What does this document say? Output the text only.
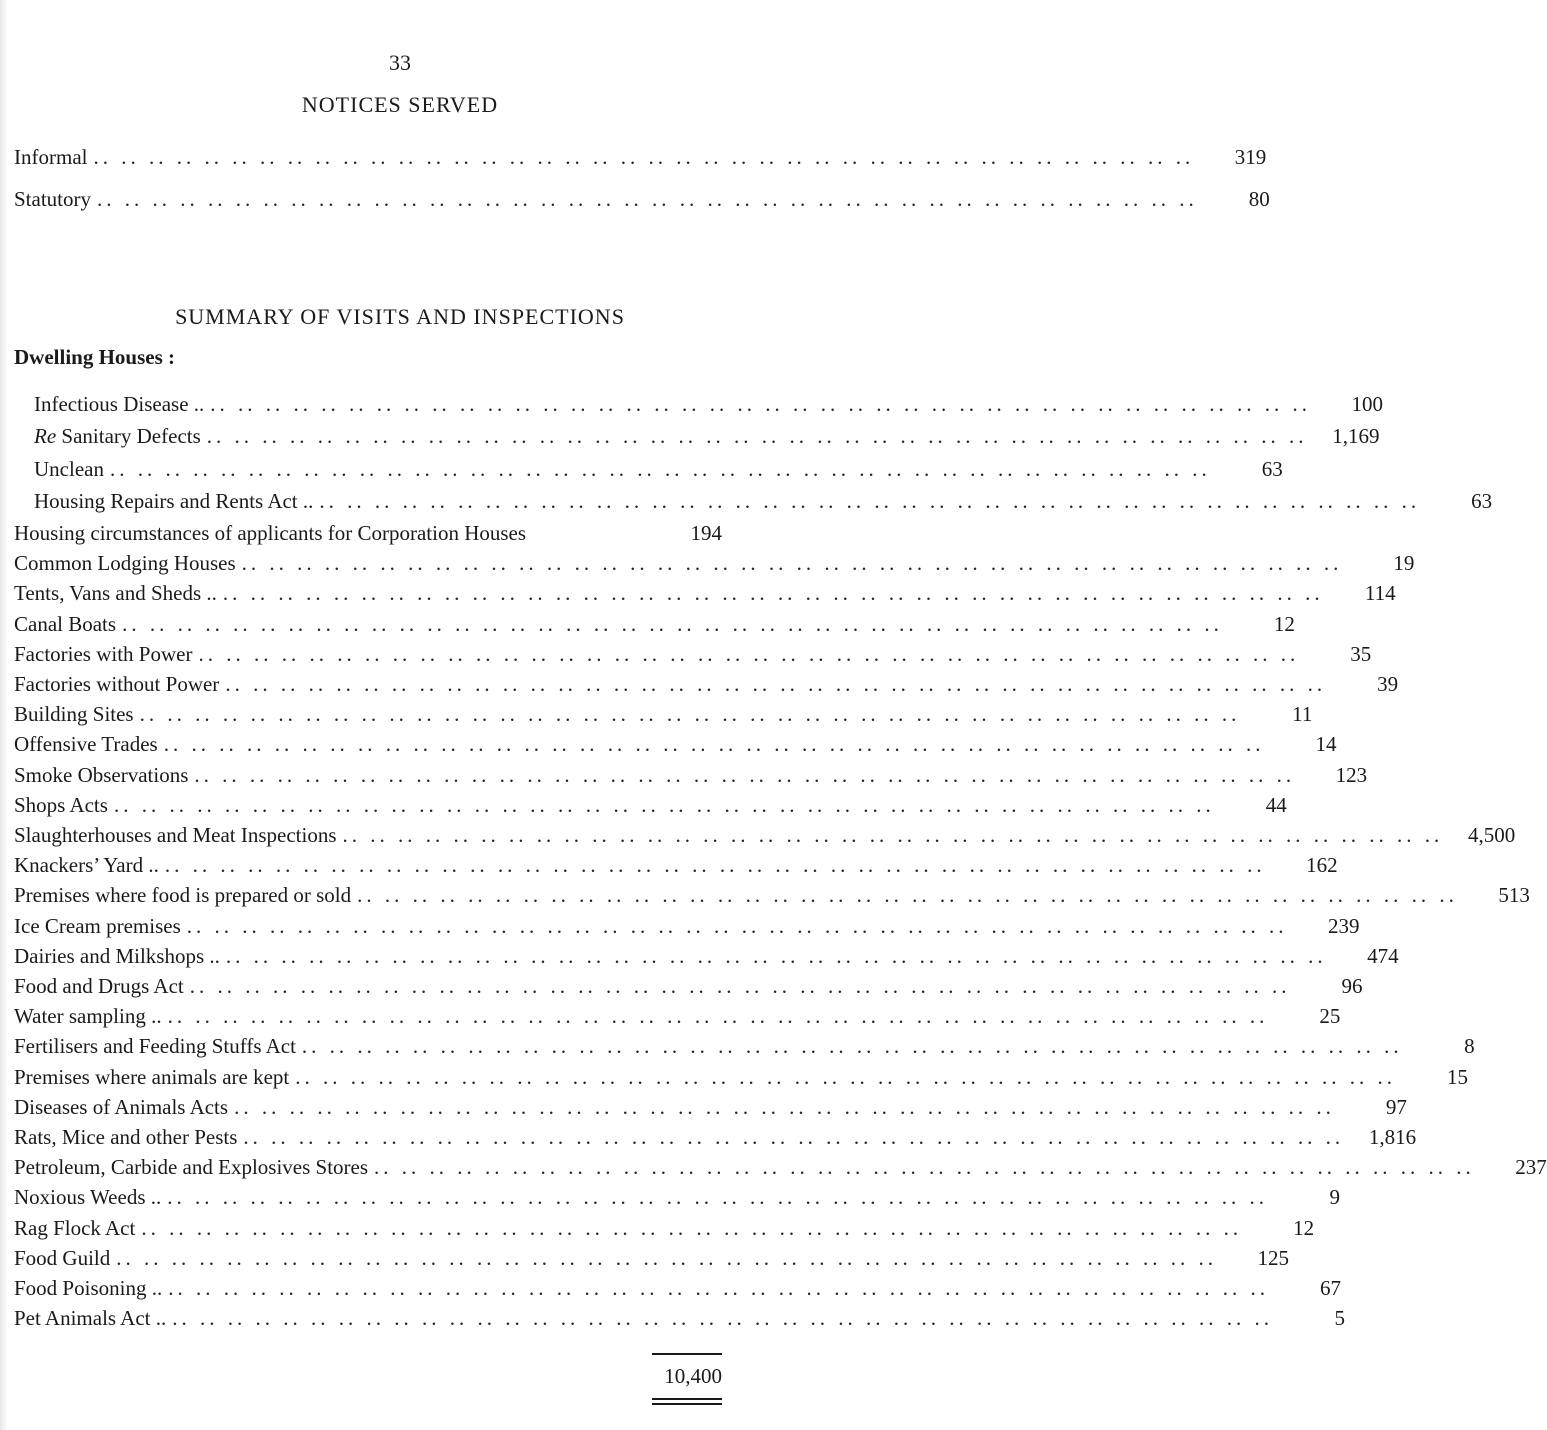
33
NOTICES SERVED
Informal .. .. .. .. .. .. .. .. .. .. .. .. .. .. .. .. .. .. .. .. .. .. .. .. .. .. .. .. .. .. .. .. .. .. .. .. .. .. .. ..	319
Statutory .. .. .. .. .. .. .. .. .. .. .. .. .. .. .. .. .. .. .. .. .. .. .. .. .. .. .. .. .. .. .. .. .. .. .. .. .. .. .. ..	80
SUMMARY OF VISITS AND INSPECTIONS
Dwelling Houses :
Infectious Disease .. .. .. .. .. .. .. .. .. .. .. .. .. .. .. .. .. .. .. .. .. .. .. .. .. .. .. .. .. .. .. .. .. .. .. .. .. .. .. .. ..	100
Re Sanitary Defects .. .. .. .. .. .. .. .. .. .. .. .. .. .. .. .. .. .. .. .. .. .. .. .. .. .. .. .. .. .. .. .. .. .. .. .. .. .. .. ..	1,169
Unclean .. .. .. .. .. .. .. .. .. .. .. .. .. .. .. .. .. .. .. .. .. .. .. .. .. .. .. .. .. .. .. .. .. .. .. .. .. .. .. ..	63
Housing Repairs and Rents Act .. .. .. .. .. .. .. .. .. .. .. .. .. .. .. .. .. .. .. .. .. .. .. .. .. .. .. .. .. .. .. .. .. .. .. .. .. .. .. .. ..	63
Housing circumstances of applicants for Corporation Houses	194
Common Lodging Houses .. .. .. .. .. .. .. .. .. .. .. .. .. .. .. .. .. .. .. .. .. .. .. .. .. .. .. .. .. .. .. .. .. .. .. .. .. .. .. ..	19
Tents, Vans and Sheds .. .. .. .. .. .. .. .. .. .. .. .. .. .. .. .. .. .. .. .. .. .. .. .. .. .. .. .. .. .. .. .. .. .. .. .. .. .. .. .. ..	114
Canal Boats .. .. .. .. .. .. .. .. .. .. .. .. .. .. .. .. .. .. .. .. .. .. .. .. .. .. .. .. .. .. .. .. .. .. .. .. .. .. .. ..	12
Factories with Power .. .. .. .. .. .. .. .. .. .. .. .. .. .. .. .. .. .. .. .. .. .. .. .. .. .. .. .. .. .. .. .. .. .. .. .. .. .. .. ..	35
Factories without Power .. .. .. .. .. .. .. .. .. .. .. .. .. .. .. .. .. .. .. .. .. .. .. .. .. .. .. .. .. .. .. .. .. .. .. .. .. .. .. ..	39
Building Sites .. .. .. .. .. .. .. .. .. .. .. .. .. .. .. .. .. .. .. .. .. .. .. .. .. .. .. .. .. .. .. .. .. .. .. .. .. .. .. ..	11
Offensive Trades .. .. .. .. .. .. .. .. .. .. .. .. .. .. .. .. .. .. .. .. .. .. .. .. .. .. .. .. .. .. .. .. .. .. .. .. .. .. .. ..	14
Smoke Observations .. .. .. .. .. .. .. .. .. .. .. .. .. .. .. .. .. .. .. .. .. .. .. .. .. .. .. .. .. .. .. .. .. .. .. .. .. .. .. ..	123
Shops Acts .. .. .. .. .. .. .. .. .. .. .. .. .. .. .. .. .. .. .. .. .. .. .. .. .. .. .. .. .. .. .. .. .. .. .. .. .. .. .. ..	44
Slaughterhouses and Meat Inspections .. .. .. .. .. .. .. .. .. .. .. .. .. .. .. .. .. .. .. .. .. .. .. .. .. .. .. .. .. .. .. .. .. .. .. .. .. .. .. ..	4,500
Knackers’ Yard .. .. .. .. .. .. .. .. .. .. .. .. .. .. .. .. .. .. .. .. .. .. .. .. .. .. .. .. .. .. .. .. .. .. .. .. .. .. .. .. ..	162
Premises where food is prepared or sold .. .. .. .. .. .. .. .. .. .. .. .. .. .. .. .. .. .. .. .. .. .. .. .. .. .. .. .. .. .. .. .. .. .. .. .. .. .. .. ..	513
Ice Cream premises .. .. .. .. .. .. .. .. .. .. .. .. .. .. .. .. .. .. .. .. .. .. .. .. .. .. .. .. .. .. .. .. .. .. .. .. .. .. .. ..	239
Dairies and Milkshops .. .. .. .. .. .. .. .. .. .. .. .. .. .. .. .. .. .. .. .. .. .. .. .. .. .. .. .. .. .. .. .. .. .. .. .. .. .. .. .. ..	474
Food and Drugs Act .. .. .. .. .. .. .. .. .. .. .. .. .. .. .. .. .. .. .. .. .. .. .. .. .. .. .. .. .. .. .. .. .. .. .. .. .. .. .. ..	96
Water sampling .. .. .. .. .. .. .. .. .. .. .. .. .. .. .. .. .. .. .. .. .. .. .. .. .. .. .. .. .. .. .. .. .. .. .. .. .. .. .. .. ..	25
Fertilisers and Feeding Stuffs Act .. .. .. .. .. .. .. .. .. .. .. .. .. .. .. .. .. .. .. .. .. .. .. .. .. .. .. .. .. .. .. .. .. .. .. .. .. .. .. ..	8
Premises where animals are kept .. .. .. .. .. .. .. .. .. .. .. .. .. .. .. .. .. .. .. .. .. .. .. .. .. .. .. .. .. .. .. .. .. .. .. .. .. .. .. ..	15
Diseases of Animals Acts .. .. .. .. .. .. .. .. .. .. .. .. .. .. .. .. .. .. .. .. .. .. .. .. .. .. .. .. .. .. .. .. .. .. .. .. .. .. .. ..	97
Rats, Mice and other Pests .. .. .. .. .. .. .. .. .. .. .. .. .. .. .. .. .. .. .. .. .. .. .. .. .. .. .. .. .. .. .. .. .. .. .. .. .. .. .. ..	1,816
Petroleum, Carbide and Explosives Stores .. .. .. .. .. .. .. .. .. .. .. .. .. .. .. .. .. .. .. .. .. .. .. .. .. .. .. .. .. .. .. .. .. .. .. .. .. .. .. ..	237
Noxious Weeds .. .. .. .. .. .. .. .. .. .. .. .. .. .. .. .. .. .. .. .. .. .. .. .. .. .. .. .. .. .. .. .. .. .. .. .. .. .. .. .. ..	9
Rag Flock Act .. .. .. .. .. .. .. .. .. .. .. .. .. .. .. .. .. .. .. .. .. .. .. .. .. .. .. .. .. .. .. .. .. .. .. .. .. .. .. ..	12
Food Guild .. .. .. .. .. .. .. .. .. .. .. .. .. .. .. .. .. .. .. .. .. .. .. .. .. .. .. .. .. .. .. .. .. .. .. .. .. .. .. ..	125
Food Poisoning .. .. .. .. .. .. .. .. .. .. .. .. .. .. .. .. .. .. .. .. .. .. .. .. .. .. .. .. .. .. .. .. .. .. .. .. .. .. .. .. ..	67
Pet Animals Act .. .. .. .. .. .. .. .. .. .. .. .. .. .. .. .. .. .. .. .. .. .. .. .. .. .. .. .. .. .. .. .. .. .. .. .. .. .. .. .. ..	5
10,400
